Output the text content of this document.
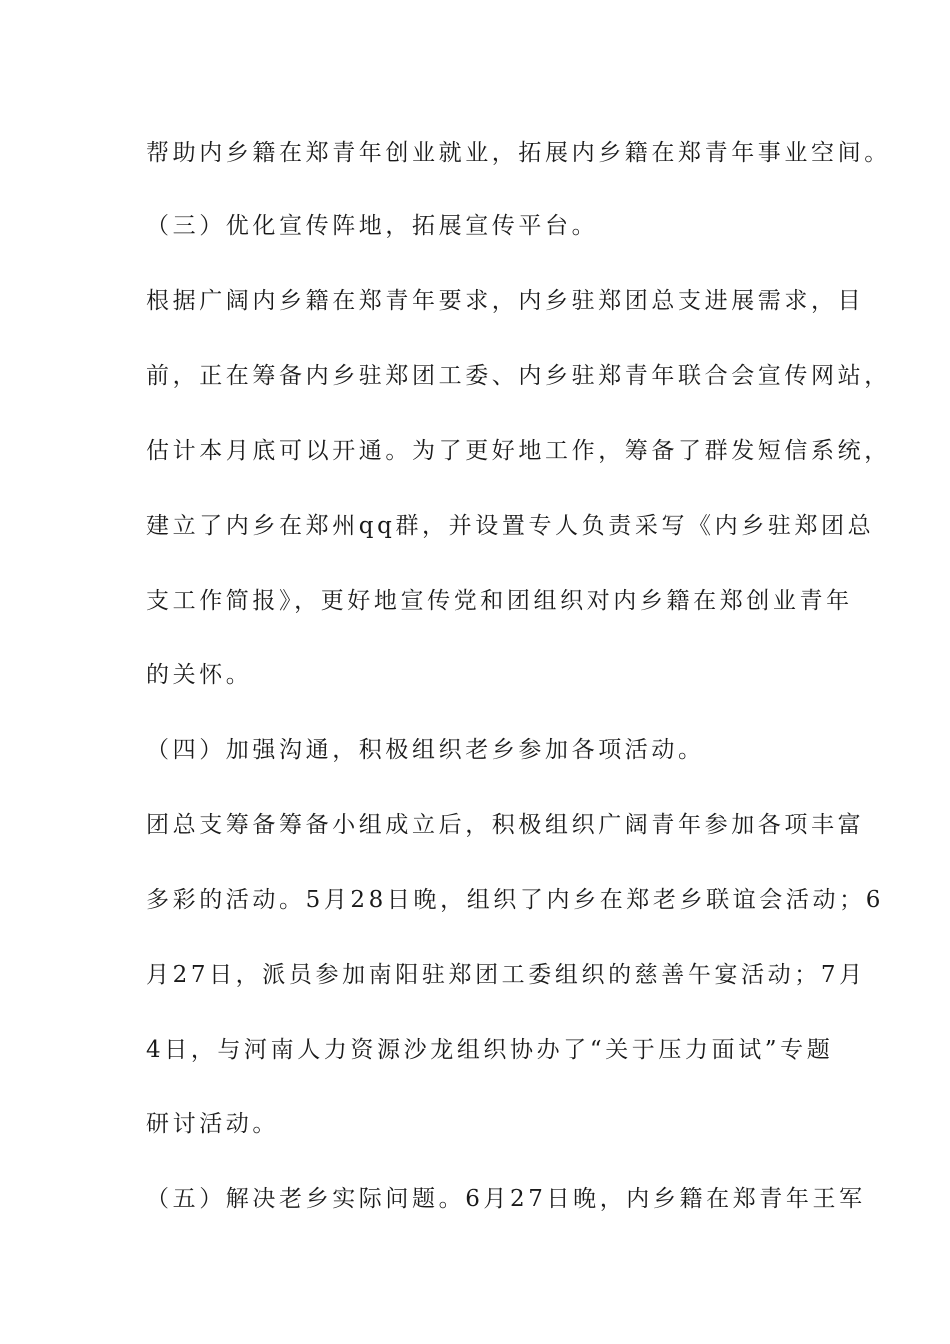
帮助内乡籍在郑青年创业就业，拓展内乡籍在郑青年事业空间。
（三）优化宣传阵地，拓展宣传平台。
根据广阔内乡籍在郑青年要求，内乡驻郑团总支进展需求，目
前，正在筹备内乡驻郑团工委、内乡驻郑青年联合会宣传网站，
估计本月底可以开通。为了更好地工作，筹备了群发短信系统，
建立了内乡在郑州qq群，并设置专人负责采写《内乡驻郑团总
支工作简报》，更好地宣传党和团组织对内乡籍在郑创业青年
的关怀。
（四）加强沟通，积极组织老乡参加各项活动。
团总支筹备筹备小组成立后，积极组织广阔青年参加各项丰富
多彩的活动。5月28日晚，组织了内乡在郑老乡联谊会活动；6
月27日，派员参加南阳驻郑团工委组织的慈善午宴活动；7月
4日，与河南人力资源沙龙组织协办了“关于压力面试”专题
研讨活动。
（五）解决老乡实际问题。6月27日晚，内乡籍在郑青年王军
